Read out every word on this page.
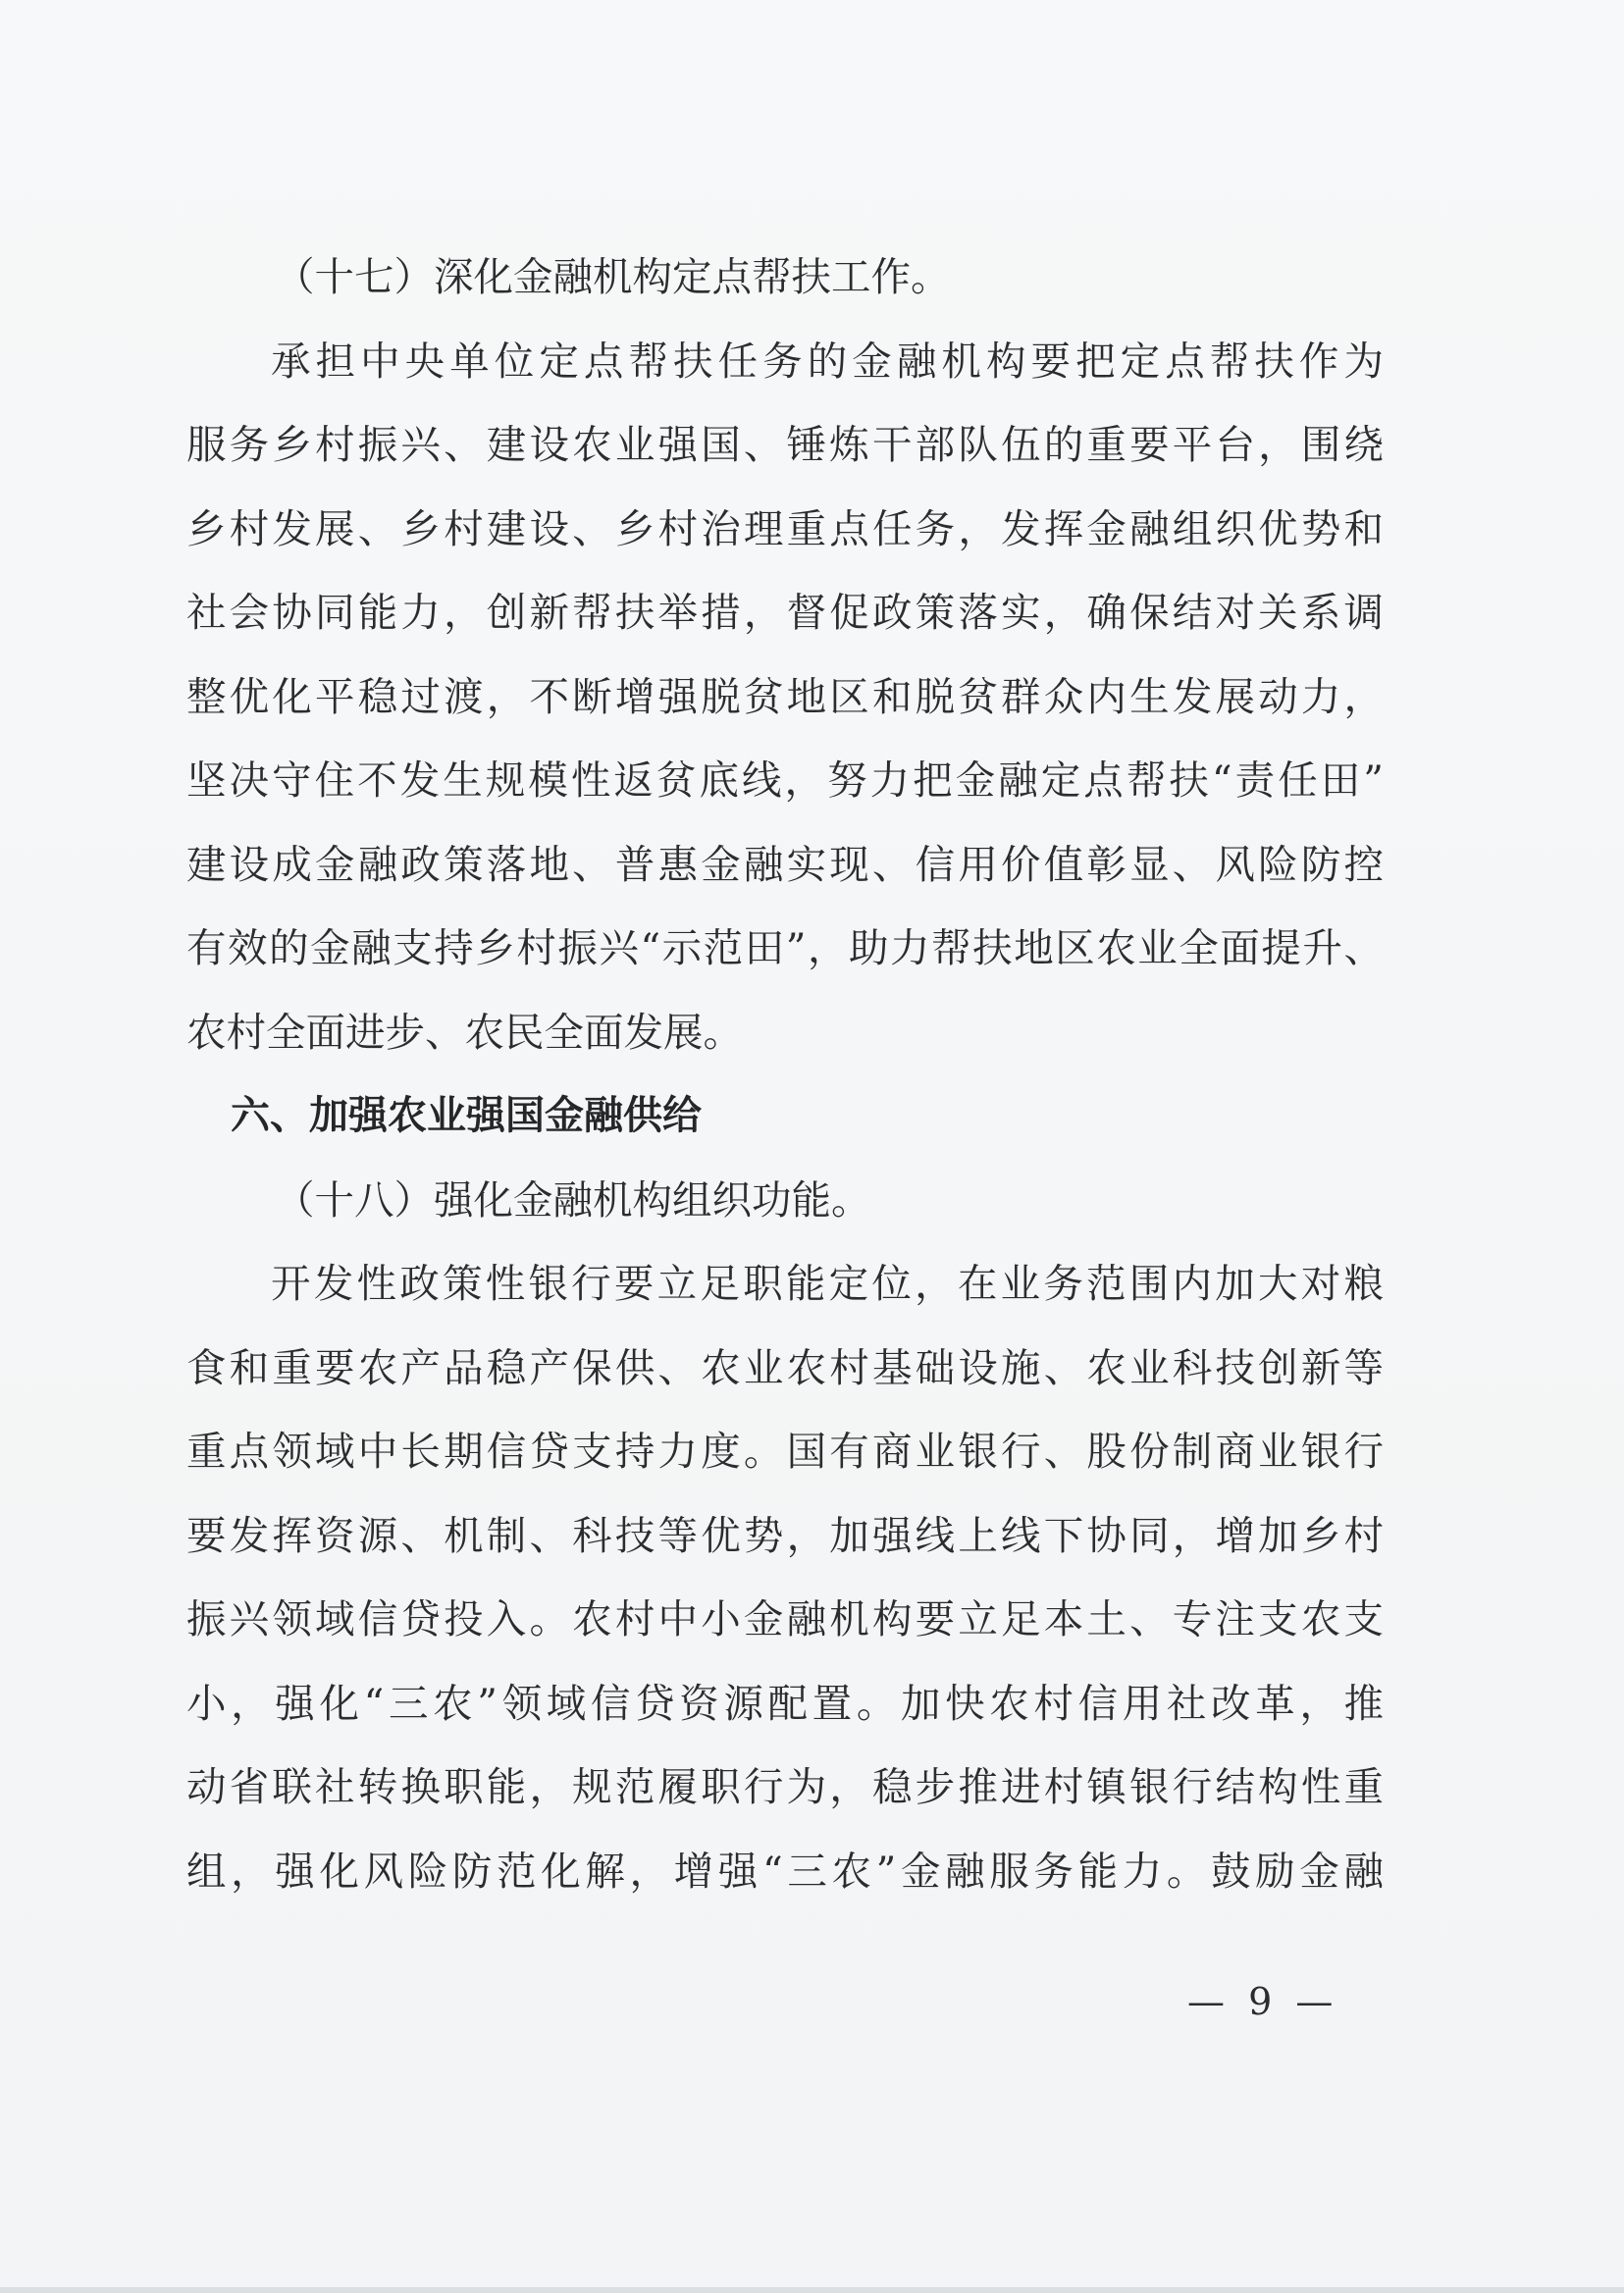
（十七）深化金融机构定点帮扶工作。
承担中央单位定点帮扶任务的金融机构要把定点帮扶作为
服务乡村振兴、建设农业强国、锤炼干部队伍的重要平台，围绕
乡村发展、乡村建设、乡村治理重点任务，发挥金融组织优势和
社会协同能力，创新帮扶举措，督促政策落实，确保结对关系调
整优化平稳过渡，不断增强脱贫地区和脱贫群众内生发展动力，
坚决守住不发生规模性返贫底线，努力把金融定点帮扶“责任田”
建设成金融政策落地、普惠金融实现、信用价值彰显、风险防控
有效的金融支持乡村振兴“示范田”，助力帮扶地区农业全面提升、
农村全面进步、农民全面发展。
六、加强农业强国金融供给
（十八）强化金融机构组织功能。
开发性政策性银行要立足职能定位，在业务范围内加大对粮
食和重要农产品稳产保供、农业农村基础设施、农业科技创新等
重点领域中长期信贷支持力度。国有商业银行、股份制商业银行
要发挥资源、机制、科技等优势，加强线上线下协同，增加乡村
振兴领域信贷投入。农村中小金融机构要立足本土、专注支农支
小，强化“三农”领域信贷资源配置。加快农村信用社改革，推
动省联社转换职能，规范履职行为，稳步推进村镇银行结构性重
组，强化风险防范化解，增强“三农”金融服务能力。鼓励金融
— 9 —
